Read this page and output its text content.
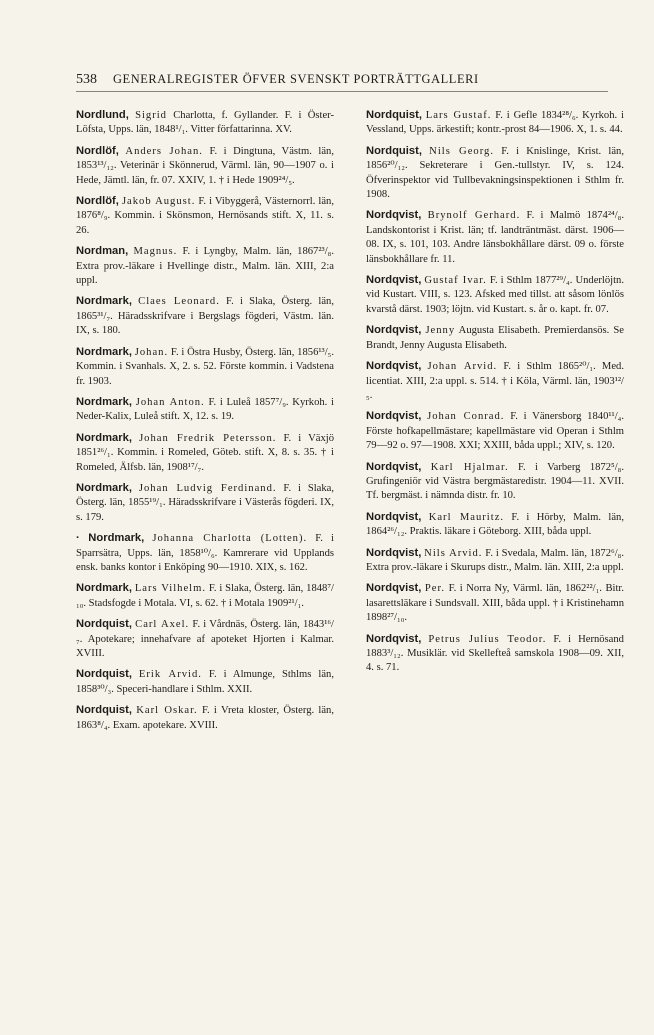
538 GENERALREGISTER ÖFVER SVENSKT PORTRÄTTGALLERI

Nordlund, Sigrid Charlotta, f. Gyllander. F. i Öster-Löfsta, Upps. län, 1848¹/₁. Vitter författarinna. XV.

Nordlöf, Anders Johan. F. i Dingtuna, Västm. län, 1853¹³/₁₂. Veterinär i Skönnerud, Värml. län, 90—1907 o. i Hede, Jämtl. län, fr. 07. XXIV, 1. † i Hede 1909²⁴/₅.

Nordlöf, Jakob August. F. i Vibyggerå, Västernorrl. län, 1876⁸/₉. Kommin. i Skönsmon, Hernösands stift. X, 11. s. 26.

Nordman, Magnus. F. i Lyngby, Malm. län, 1867²³/₈. Extra prov.-läkare i Hvellinge distr., Malm. län. XIII, 2:a uppl.

Nordmark, Claes Leonard. F. i Slaka, Österg. län, 1865³¹/₇. Häradsskrifvare i Bergslags fögderi, Västm. län. IX, s. 180.

Nordmark, Johan. F. i Östra Husby, Österg. län, 1856¹³/₅. Kommin. i Svanhals. X, 2. s. 52. Förste kommin. i Vadstena fr. 1903.

Nordmark, Johan Anton. F. i Luleå 1857⁷/₉. Kyrkoh. i Neder-Kalix, Luleå stift. X, 12. s. 19.

Nordmark, Johan Fredrik Petersson. F. i Växjö 1851²⁶/₁. Kommin. i Romeled, Göteb. stift. X, 8. s. 35. † i Romeled, Älfsb. län, 1908¹⁷/₇.

Nordmark, Johan Ludvig Ferdinand. F. i Slaka, Österg. län, 1855¹⁹/₁. Häradsskrifvare i Västerås fögderi. IX, s. 179.

· Nordmark, Johanna Charlotta (Lotten). F. i Sparrsätra, Upps. län, 1858¹⁰/₆. Kamrerare vid Upplands ensk. banks kontor i Enköping 90—1910. XIX, s. 162.

Nordmark, Lars Vilhelm. F. i Slaka, Österg. län, 1848⁷/₁₀. Stadsfogde i Motala. VI, s. 62. † i Motala 1909²¹/₁.

Nordquist, Carl Axel. F. i Vårdnäs, Österg. län, 1843¹⁶/₇. Apotekare; innehafvare af apoteket Hjorten i Kalmar. XVIII.

Nordquist, Erik Arvid. F. i Almunge, Sthlms län, 1858³⁰/₃. Speceri-handlare i Sthlm. XXII.

Nordquist, Karl Oskar. F. i Vreta kloster, Österg. län, 1863⁸/₄. Exam. apotekare. XVIII.

Nordquist, Lars Gustaf. F. i Gefle 1834²⁸/₆. Kyrkoh. i Vessland, Upps. ärkestift; kontr.-prost 84—1906. X, 1. s. 44.

Nordquist, Nils Georg. F. i Knislinge, Krist. län, 1856²⁰/₁₂. Sekreterare i Gen.-tullstyr. IV, s. 124. Öfverinspektor vid Tullbevakningsinspektionen i Sthlm fr. 1908.

Nordqvist, Brynolf Gerhard. F. i Malmö 1874²⁴/₈. Landskontorist i Krist. län; tf. landträntmäst. därst. 1906—08. IX, s. 101, 103. Andre länsbokhållare därst. 09 o. förste länsbokhållare fr. 11.

Nordqvist, Gustaf Ivar. F. i Sthlm 1877²⁹/₄. Underlöjtn. vid Kustart. VIII, s. 123. Afsked med tillst. att såsom lönlös kvarstå därst. 1903; löjtn. vid Kustart. s. år o. kapt. fr. 07.

Nordqvist, Jenny Augusta Elisabeth. Premierdansös. Se Brandt, Jenny Augusta Elisabeth.

Nordqvist, Johan Arvid. F. i Sthlm 1865²⁰/₁. Med. licentiat. XIII, 2:a uppl. s. 514. † i Köla, Värml. län, 1903¹²/₅.

Nordqvist, Johan Conrad. F. i Vänersborg 1840¹¹/₄. Förste hofkapellmästare; kapellmästare vid Operan i Sthlm 79—92 o. 97—1908. XXI; XXIII, båda uppl.; XIV, s. 120.

Nordqvist, Karl Hjalmar. F. i Varberg 1872⁵/₈. Grufingeniör vid Västra bergmästaredistr. 1904—11. XVII. Tf. bergmäst. i nämnda distr. fr. 10.

Nordqvist, Karl Mauritz. F. i Hörby, Malm. län, 1864²⁶/₁₂. Praktis. läkare i Göteborg. XIII, båda uppl.

Nordqvist, Nils Arvid. F. i Svedala, Malm. län, 1872⁶/₈. Extra prov.-läkare i Skurups distr., Malm. län. XIII, 2:a uppl.

Nordqvist, Per. F. i Norra Ny, Värml. län, 1862²²/₁. Bitr. lasarettsläkare i Sundsvall. XIII, båda uppl. † i Kristinehamn 1898²⁷/₁₀.

Nordqvist, Petrus Julius Teodor. F. i Hernösand 1883³/₁₂. Musiklär. vid Skellefteå samskola 1908—09. XII, 4. s. 71.
